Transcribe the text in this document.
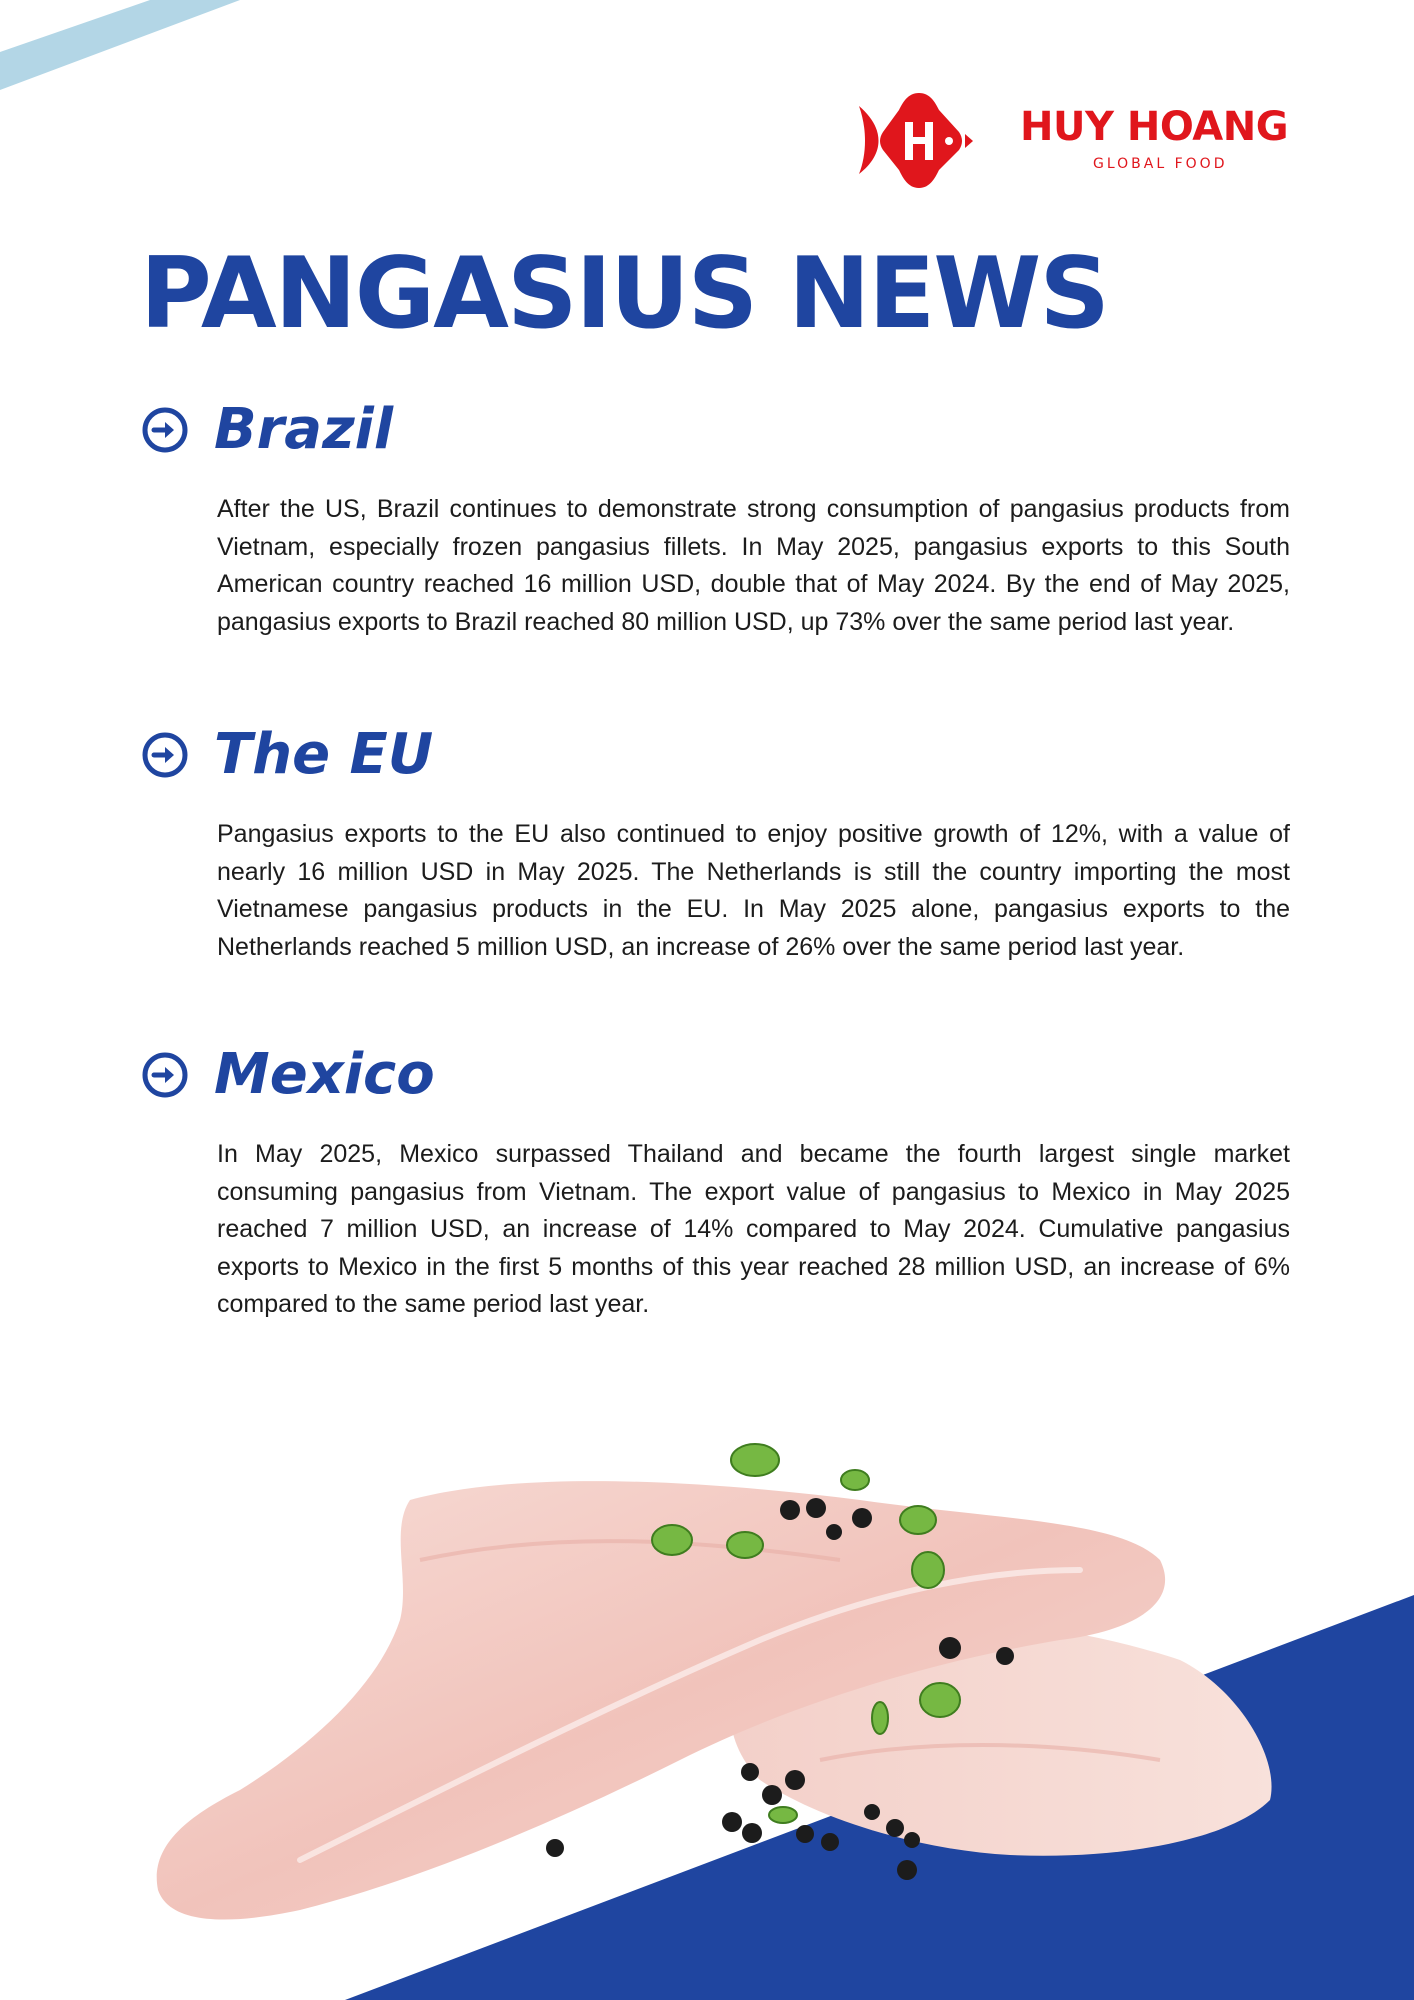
HUY HOANG
GLOBAL FOOD
PANGASIUS NEWS
Brazil

After the US, Brazil continues to demonstrate strong consumption of pangasius products from Vietnam, especially frozen pangasius fillets. In May 2025, pangasius exports to this South American country reached 16 million USD, double that of May 2024. By the end of May 2025, pangasius exports to Brazil reached 80 million USD, up 73% over the same period last year.

The EU

Pangasius exports to the EU also continued to enjoy positive growth of 12%, with a value of nearly 16 million USD in May 2025. The Netherlands is still the country importing the most Vietnamese pangasius products in the EU. In May 2025 alone, pangasius exports to the Netherlands reached 5 million USD, an increase of 26% over the same period last year.

Mexico

In May 2025, Mexico surpassed Thailand and became the fourth largest single market consuming pangasius from Vietnam. The export value of pangasius to Mexico in May 2025 reached 7 million USD, an increase of 14% compared to May 2024. Cumulative pangasius exports to Mexico in the first 5 months of this year reached 28 million USD, an increase of 6% compared to the same period last year.
